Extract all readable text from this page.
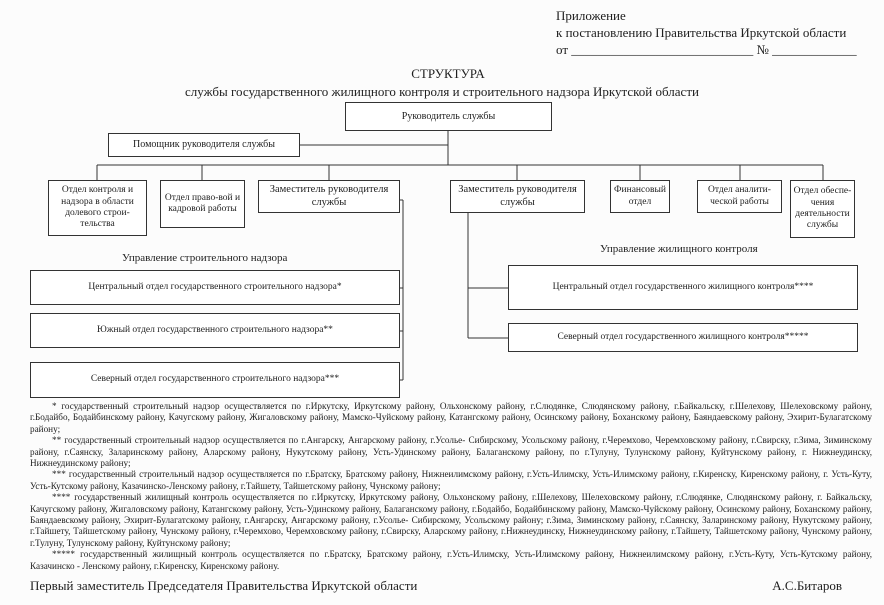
Приложение
к постановлению Правительства Иркутской области
от ____________________________ № _____________
СТРУКТУРА
службы государственного жилищного контроля и строительного надзора Иркутской области
Руководитель службы
Помощник руководителя службы
Отдел контроля и надзора в области долевого строи-тельства
Отдел право-вой и кадровой работы
Заместитель руководителя службы
Заместитель руководителя службы
Финансовый отдел
Отдел аналити-ческой работы
Отдел обеспе-чения деятельности службы
Управление строительного надзора
Центральный отдел государственного строительного надзора*
Южный отдел государственного строительного надзора**
Северный отдел государственного строительного надзора***
Управление жилищного контроля
Центральный отдел государственного жилищного контроля****
Северный отдел государственного жилищного контроля*****

* государственный строительный надзор осуществляется по г.Иркутску, Иркутскому району, Ольхонскому району, г.Слюдянке, Слюдянскому району, г.Байкальску, г.Шелехову, Шелеховскому району, г.Бодайбо, Бодайбинскому району, Качугскому району, Жигаловскому району, Мамско-Чуйскому району, Катангскому району, Осинскому району, Боханскому району, Баяндаевскому району, Эхирит-Булагатскому району;

** государственный строительный надзор осуществляется по г.Ангарску, Ангарскому району, г.Усолье- Сибирскому, Усольскому району, г.Черемхово, Черемховскому району, г.Свирску, г.Зима, Зиминскому району, г.Саянску, Заларинскому району, Аларскому району, Нукутскому району, Усть-Удинскому району, Балаганскому району, по г.Тулуну, Тулунскому району, Куйтунскому району, г. Нижнеудинску, Нижнеудинскому району;

*** государственный строительный надзор осуществляется по г.Братску, Братскому району, Нижнеилимскому району, г.Усть-Илимску, Усть-Илимскому району, г.Киренску, Киренскому району, г. Усть-Куту, Усть-Кутскому району, Казачинско-Ленскому району, г.Тайшету, Тайшетскому району, Чунскому району;

**** государственный жилищный контроль осуществляется по г.Иркутску, Иркутскому району, Ольхонскому району, г.Шелехову, Шелеховскому району, г.Слюдянке, Слюдянскому району, г. Байкальску, Качугскому району, Жигаловскому району, Катангскому району, Усть-Удинскому району, Балаганскому району, г.Бодайбо, Бодайбинскому району, Мамско-Чуйскому району, Осинскому району, Боханскому району, Баяндаевскому району, Эхирит-Булагатскому району, г.Ангарску, Ангарскому району, г.Усолье- Сибирскому, Усольскому району; г.Зима, Зиминскому району, г.Саянску, Заларинскому району, Нукутскому району, г.Тайшету, Тайшетскому району, Чунскому району, г.Черемхово, Черемховскому району, г.Свирску, Аларскому району, г.Нижнеудинску, Нижнеудинскому району, г.Тайшету, Тайшетскому району, Чунскому району, г.Тулуну, Тулунскому району, Куйтунскому району;

***** государственный жилищный контроль осуществляется по г.Братску, Братскому району, г.Усть-Илимску, Усть-Илимскому району, Нижнеилимскому району, г.Усть-Куту, Усть-Кутскому району, Казачинско - Ленскому району, г.Киренску, Киренскому району.

Первый заместитель Председателя Правительства Иркутской области	А.С.Битаров
